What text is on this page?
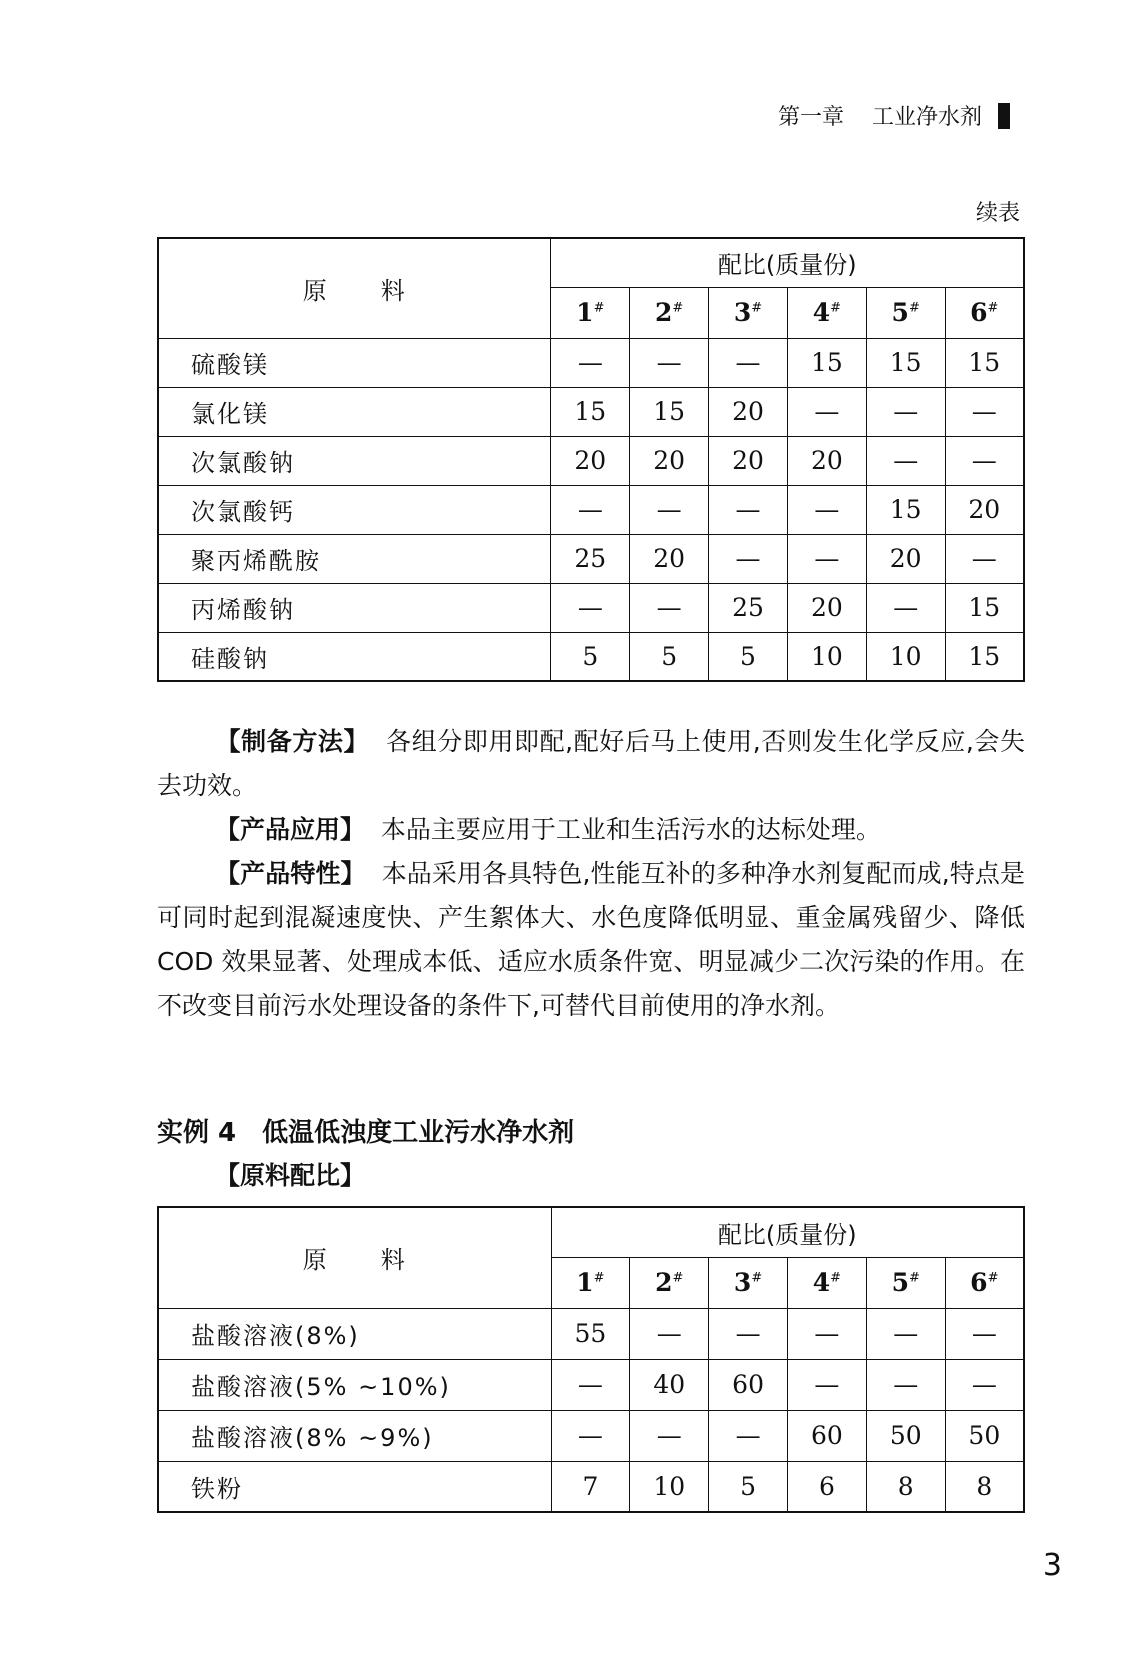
第一章 工业净水剂
续表
原 料	配比(质量份)					
	1#	2#	3#	4#	5#	6#
硫酸镁	—	—	—	15	15	15
氯化镁	15	15	20	—	—	—
次氯酸钠	20	20	20	20	—	—
次氯酸钙	—	—	—	—	15	20
聚丙烯酰胺	25	20	—	—	20	—
丙烯酸钠	—	—	25	20	—	15
硅酸钠	5	5	5	10	10	15
【制备方法】 各组分即用即配,配好后马上使用,否则发生化学反应,会失去功效。
【产品应用】 本品主要应用于工业和生活污水的达标处理。
【产品特性】 本品采用各具特色,性能互补的多种净水剂复配而成,特点是可同时起到混凝速度快、产生絮体大、水色度降低明显、重金属残留少、降低 COD 效果显著、处理成本低、适应水质条件宽、明显减少二次污染的作用。在不改变目前污水处理设备的条件下,可替代目前使用的净水剂。
实例 4 低温低浊度工业污水净水剂
【原料配比】
原 料	配比(质量份)					
	1#	2#	3#	4#	5#	6#
盐酸溶液(8%)	55	—	—	—	—	—
盐酸溶液(5% ~10%)	—	40	60	—	—	—
盐酸溶液(8% ~9%)	—	—	—	60	50	50
铁粉	7	10	5	6	8	8
3
